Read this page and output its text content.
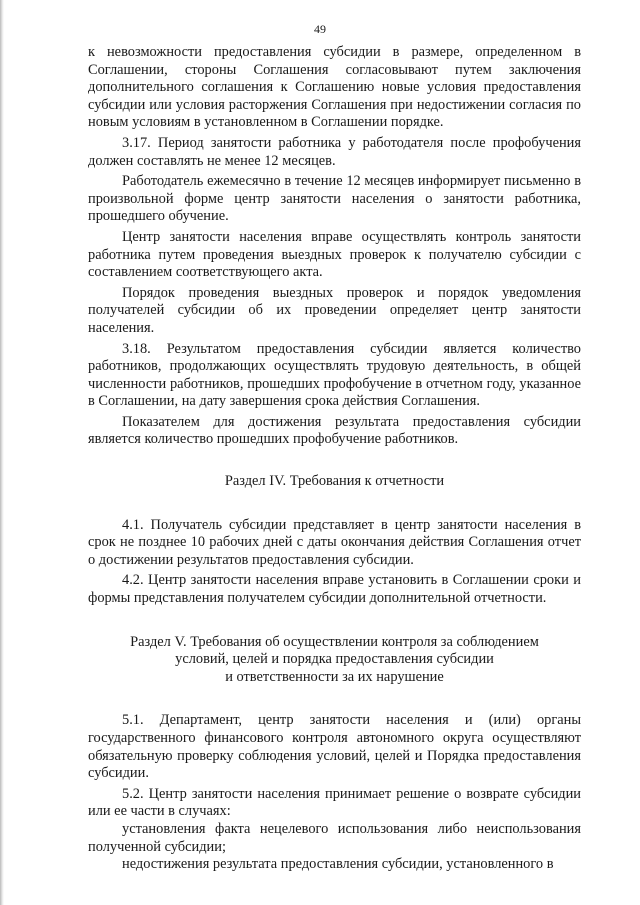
49

к невозможности предоставления субсидии в размере, определенном в Соглашении, стороны Соглашения согласовывают путем заключения дополнительного соглашения к Соглашению новые условия предоставления субсидии или условия расторжения Соглашения при недостижении согласия по новым условиям в установленном в Соглашении порядке.

3.17. Период занятости работника у работодателя после профобучения должен составлять не менее 12 месяцев.

Работодатель ежемесячно в течение 12 месяцев информирует письменно в произвольной форме центр занятости населения о занятости работника, прошедшего обучение.

Центр занятости населения вправе осуществлять контроль занятости работника путем проведения выездных проверок к получателю субсидии с составлением соответствующего акта.

Порядок проведения выездных проверок и порядок уведомления получателей субсидии об их проведении определяет центр занятости населения.

3.18. Результатом предоставления субсидии является количество работников, продолжающих осуществлять трудовую деятельность, в общей численности работников, прошедших профобучение в отчетном году, указанное в Соглашении, на дату завершения срока действия Соглашения.

Показателем для достижения результата предоставления субсидии является количество прошедших профобучение работников.

Раздел IV. Требования к отчетности

4.1. Получатель субсидии представляет в центр занятости населения в срок не позднее 10 рабочих дней с даты окончания действия Соглашения отчет о достижении результатов предоставления субсидии.

4.2. Центр занятости населения вправе установить в Соглашении сроки и формы представления получателем субсидии дополнительной отчетности.

Раздел V. Требования об осуществлении контроля за соблюдением
условий, целей и порядка предоставления субсидии
и ответственности за их нарушение

5.1. Департамент, центр занятости населения и (или) органы государственного финансового контроля автономного округа осуществляют обязательную проверку соблюдения условий, целей и Порядка предоставления субсидии.

5.2. Центр занятости населения принимает решение о возврате субсидии или ее части в случаях:

установления факта нецелевого использования либо неиспользования полученной субсидии;

недостижения результата предоставления субсидии, установленного в
